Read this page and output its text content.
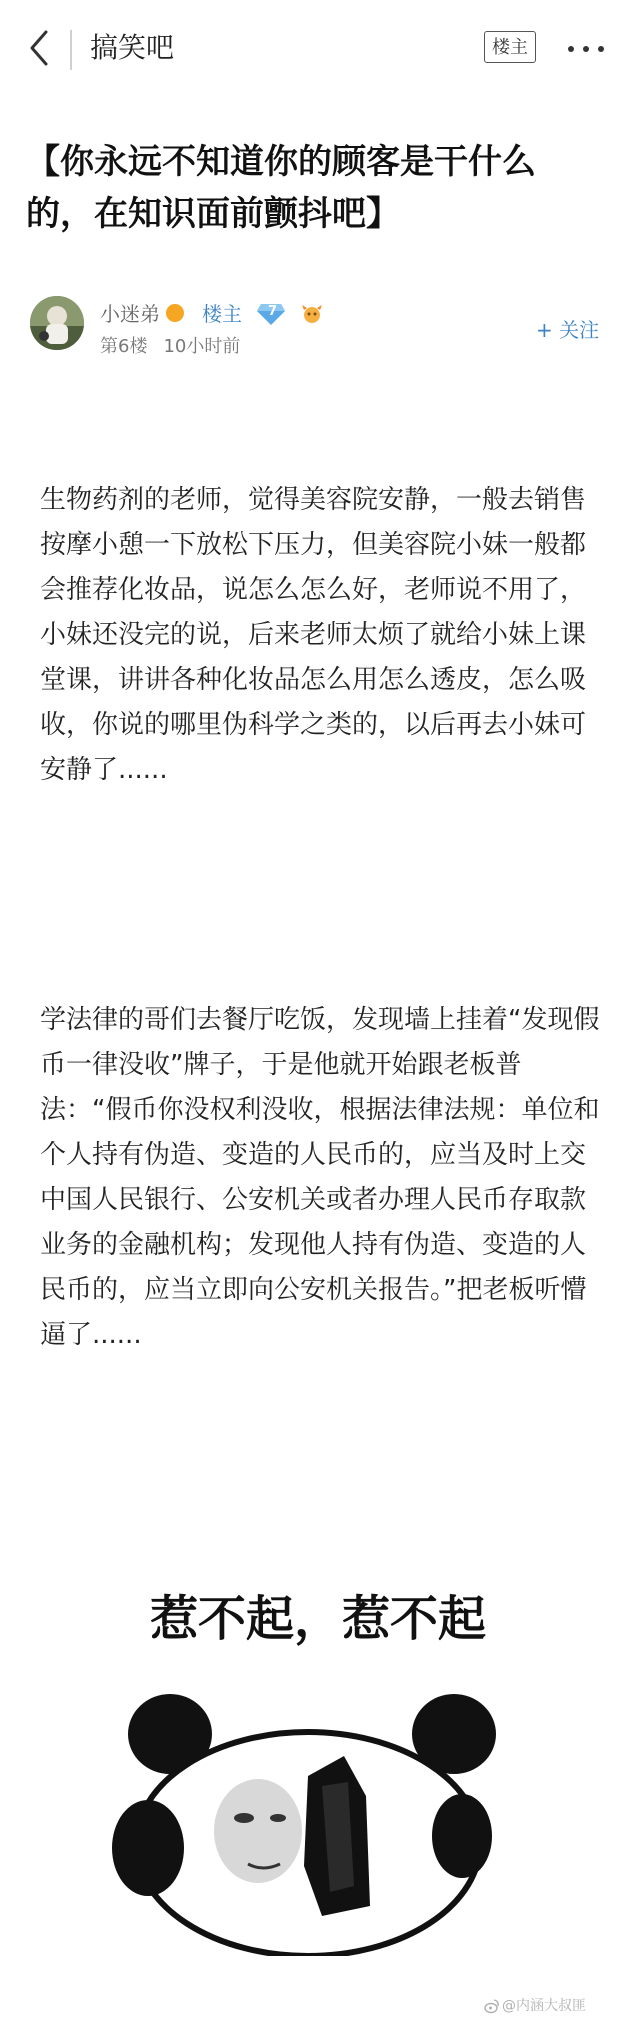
搞笑吧	楼主
【你永远不知道你的顾客是干什么的，在知识面前颤抖吧】
小迷弟 楼主 7
第6楼 10小时前
+ 关注
生物药剂的老师，觉得美容院安静，一般去销售按摩小憩一下放松下压力，但美容院小妹一般都会推荐化妆品，说怎么怎么好，老师说不用了，小妹还没完的说，后来老师太烦了就给小妹上课堂课，讲讲各种化妆品怎么用怎么透皮，怎么吸收，你说的哪里伪科学之类的，以后再去小妹可安静了......
学法律的哥们去餐厅吃饭，发现墙上挂着“发现假币一律没收”牌子，于是他就开始跟老板普法：“假币你没权利没收，根据法律法规：单位和个人持有伪造、变造的人民币的，应当及时上交中国人民银行、公安机关或者办理人民币存取款业务的金融机构；发现他人持有伪造、变造的人民币的，应当立即向公安机关报告。”把老板听懵逼了......
惹不起，惹不起
@内涵大叔匪
